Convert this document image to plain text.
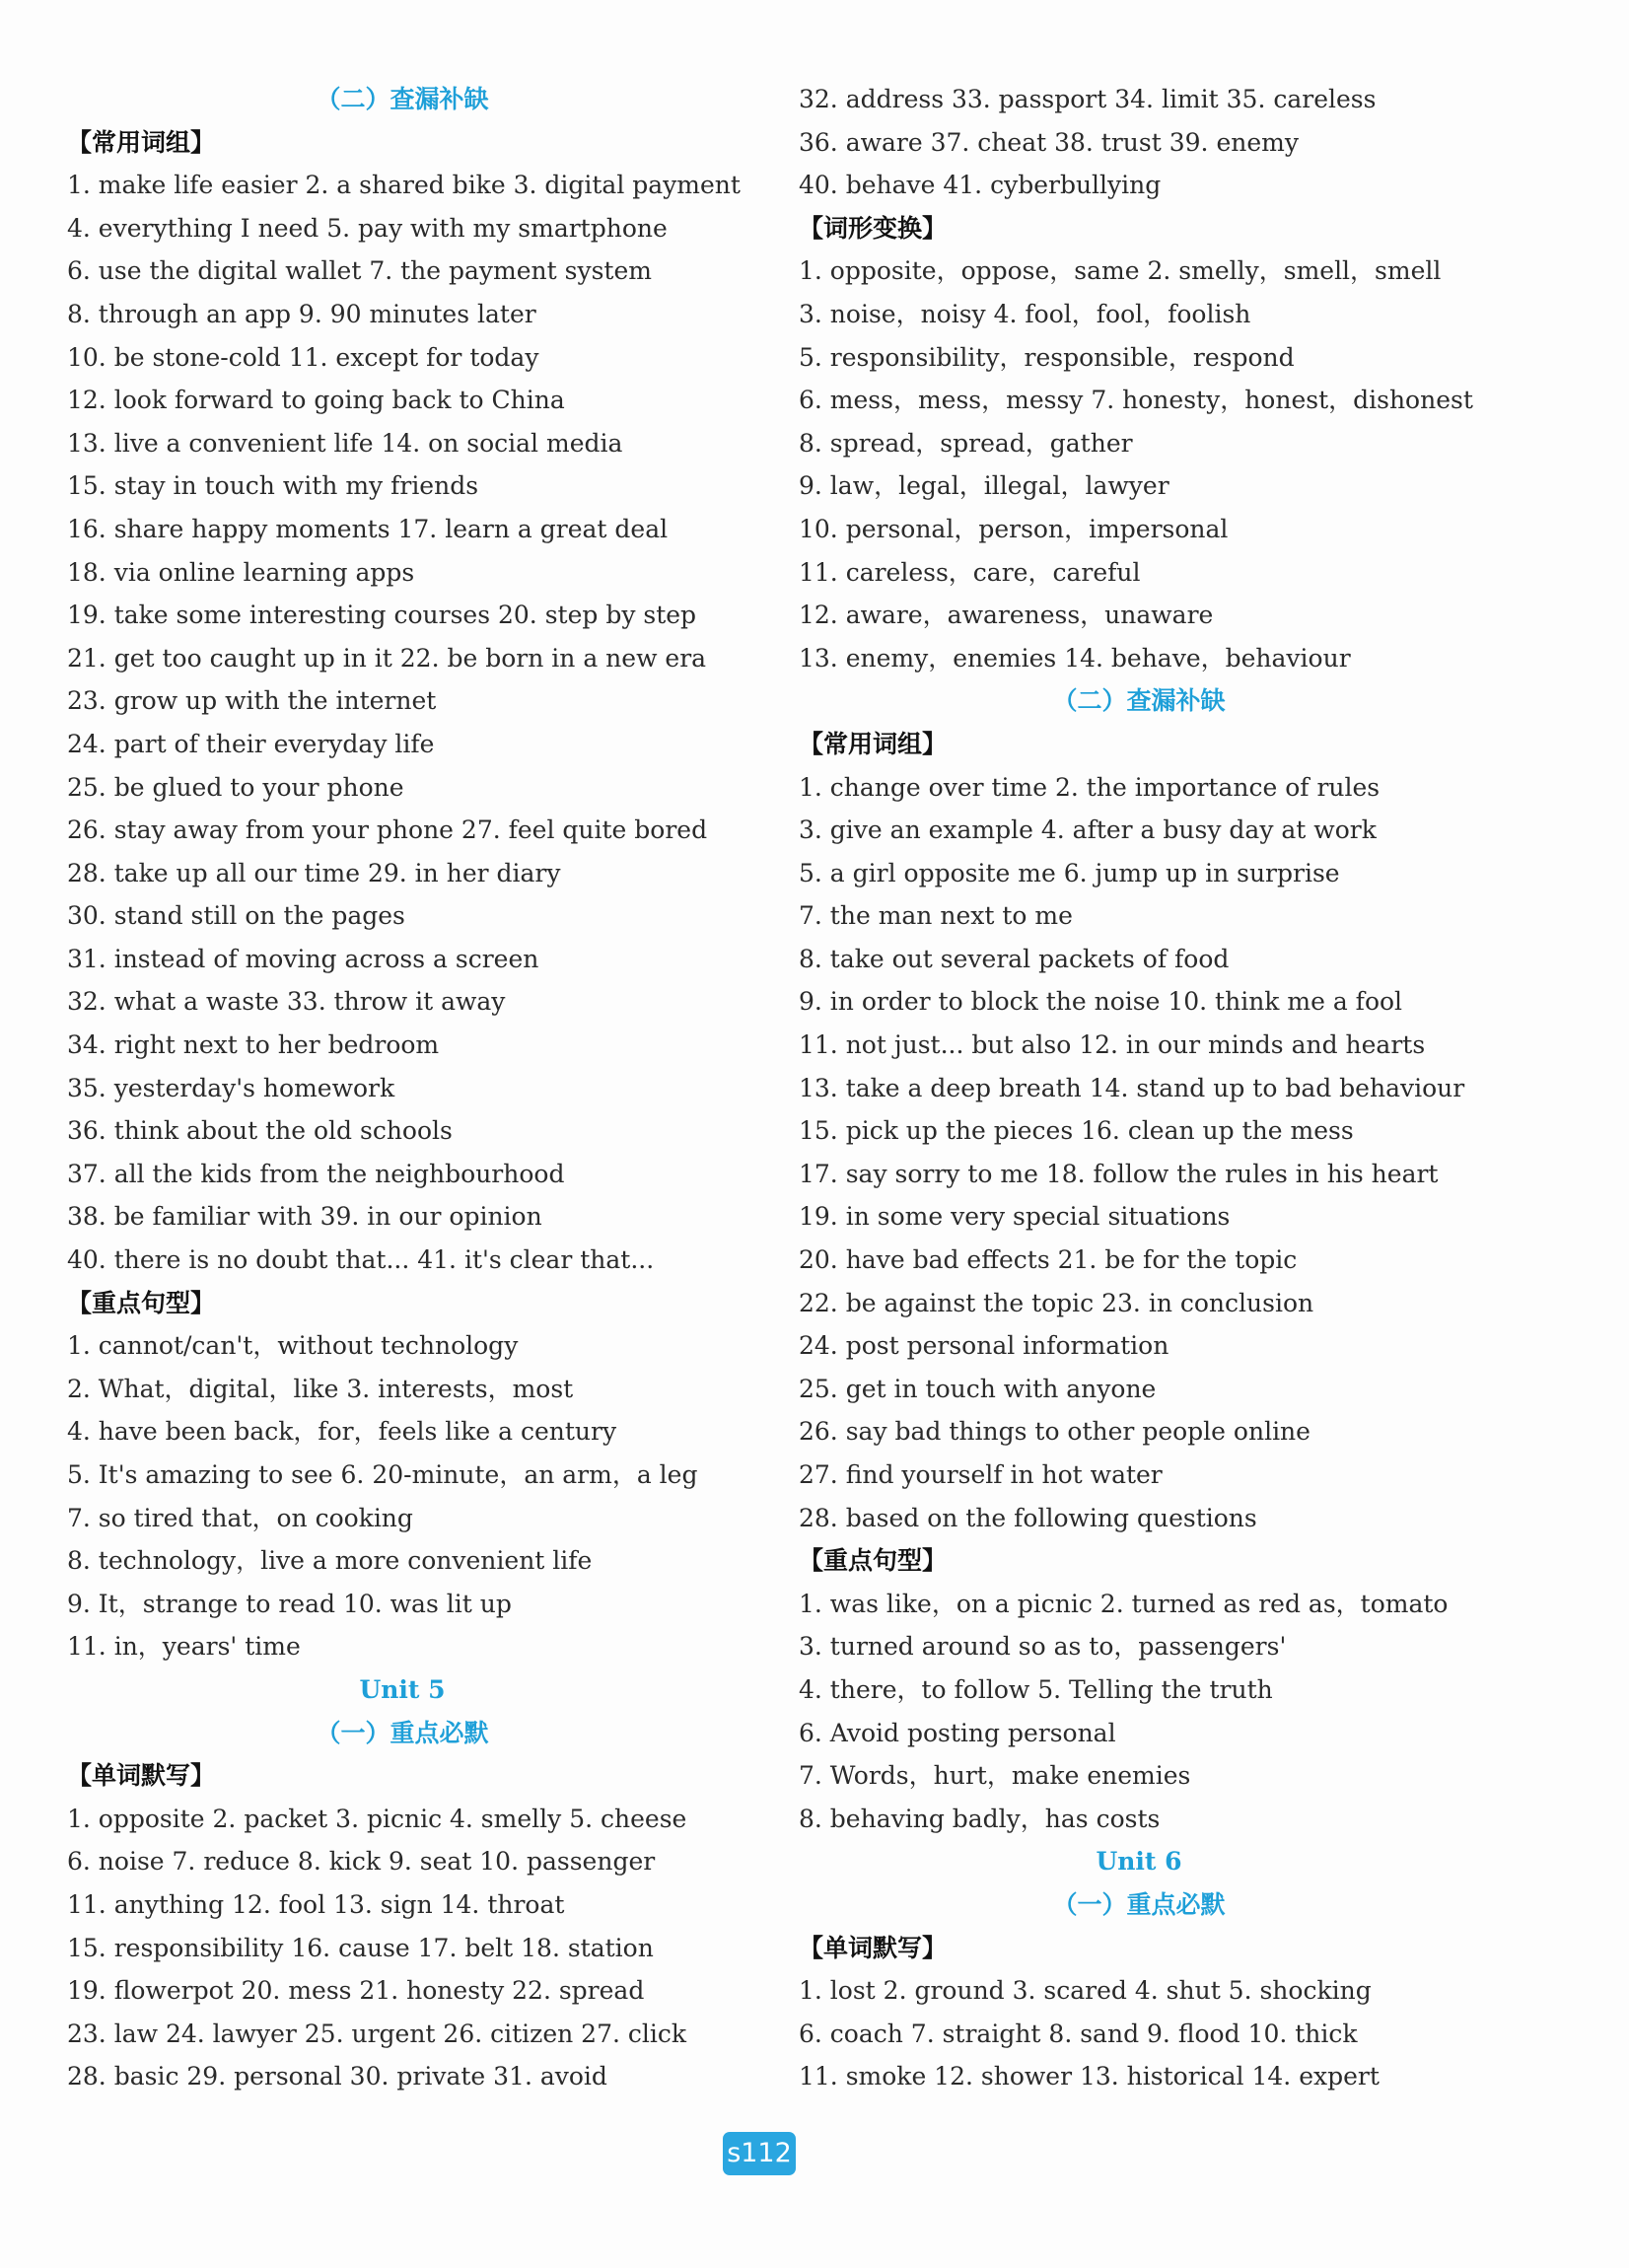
（二）查漏补缺
【常用词组】
1. make life easier 2. a shared bike 3. digital payment
4. everything I need 5. pay with my smartphone
6. use the digital wallet 7. the payment system
8. through an app 9. 90 minutes later
10. be stone-cold 11. except for today
12. look forward to going back to China
13. live a convenient life 14. on social media
15. stay in touch with my friends
16. share happy moments 17. learn a great deal
18. via online learning apps
19. take some interesting courses 20. step by step
21. get too caught up in it 22. be born in a new era
23. grow up with the internet
24. part of their everyday life
25. be glued to your phone
26. stay away from your phone 27. feel quite bored
28. take up all our time 29. in her diary
30. stand still on the pages
31. instead of moving across a screen
32. what a waste 33. throw it away
34. right next to her bedroom
35. yesterday's homework
36. think about the old schools
37. all the kids from the neighbourhood
38. be familiar with 39. in our opinion
40. there is no doubt that... 41. it's clear that...
【重点句型】
1. cannot/can't，without technology
2. What，digital，like 3. interests，most
4. have been back，for，feels like a century
5. It's amazing to see 6. 20-minute，an arm，a leg
7. so tired that，on cooking
8. technology，live a more convenient life
9. It，strange to read 10. was lit up
11. in，years' time
Unit 5
（一）重点必默
【单词默写】
1. opposite 2. packet 3. picnic 4. smelly 5. cheese
6. noise 7. reduce 8. kick 9. seat 10. passenger
11. anything 12. fool 13. sign 14. throat
15. responsibility 16. cause 17. belt 18. station
19. flowerpot 20. mess 21. honesty 22. spread
23. law 24. lawyer 25. urgent 26. citizen 27. click
28. basic 29. personal 30. private 31. avoid
32. address 33. passport 34. limit 35. careless
36. aware 37. cheat 38. trust 39. enemy
40. behave 41. cyberbullying
【词形变换】
1. opposite，oppose，same 2. smelly，smell，smell
3. noise，noisy 4. fool，fool，foolish
5. responsibility，responsible，respond
6. mess，mess，messy 7. honesty，honest，dishonest
8. spread，spread，gather
9. law，legal，illegal，lawyer
10. personal，person，impersonal
11. careless，care，careful
12. aware，awareness，unaware
13. enemy，enemies 14. behave，behaviour
（二）查漏补缺
【常用词组】
1. change over time 2. the importance of rules
3. give an example 4. after a busy day at work
5. a girl opposite me 6. jump up in surprise
7. the man next to me
8. take out several packets of food
9. in order to block the noise 10. think me a fool
11. not just... but also 12. in our minds and hearts
13. take a deep breath 14. stand up to bad behaviour
15. pick up the pieces 16. clean up the mess
17. say sorry to me 18. follow the rules in his heart
19. in some very special situations
20. have bad effects 21. be for the topic
22. be against the topic 23. in conclusion
24. post personal information
25. get in touch with anyone
26. say bad things to other people online
27. find yourself in hot water
28. based on the following questions
【重点句型】
1. was like，on a picnic 2. turned as red as，tomato
3. turned around so as to，passengers'
4. there，to follow 5. Telling the truth
6. Avoid posting personal
7. Words，hurt，make enemies
8. behaving badly，has costs
Unit 6
（一）重点必默
【单词默写】
1. lost 2. ground 3. scared 4. shut 5. shocking
6. coach 7. straight 8. sand 9. flood 10. thick
11. smoke 12. shower 13. historical 14. expert
s112
